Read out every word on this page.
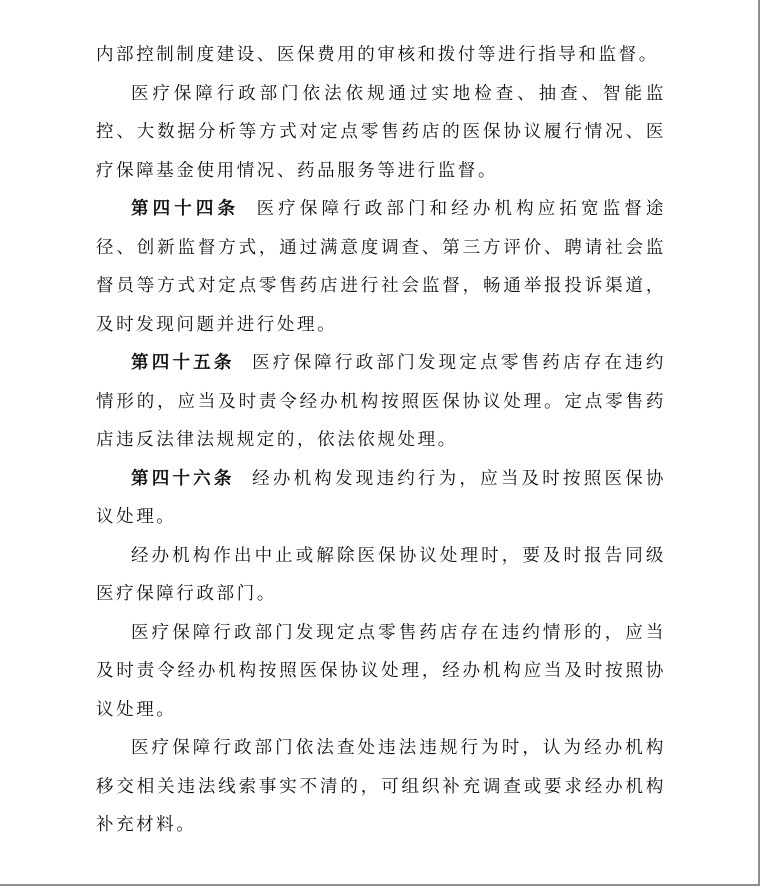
内部控制制度建设、医保费用的审核和拨付等进行指导和监督。

医疗保障行政部门依法依规通过实地检查、抽查、智能监控、大数据分析等方式对定点零售药店的医保协议履行情况、医疗保障基金使用情况、药品服务等进行监督。

第四十四条 医疗保障行政部门和经办机构应拓宽监督途径、创新监督方式，通过满意度调查、第三方评价、聘请社会监督员等方式对定点零售药店进行社会监督，畅通举报投诉渠道，及时发现问题并进行处理。

第四十五条 医疗保障行政部门发现定点零售药店存在违约情形的，应当及时责令经办机构按照医保协议处理。定点零售药店违反法律法规规定的，依法依规处理。

第四十六条 经办机构发现违约行为，应当及时按照医保协议处理。

经办机构作出中止或解除医保协议处理时，要及时报告同级医疗保障行政部门。

医疗保障行政部门发现定点零售药店存在违约情形的，应当及时责令经办机构按照医保协议处理，经办机构应当及时按照协议处理。

医疗保障行政部门依法查处违法违规行为时，认为经办机构移交相关违法线索事实不清的，可组织补充调查或要求经办机构补充材料。
